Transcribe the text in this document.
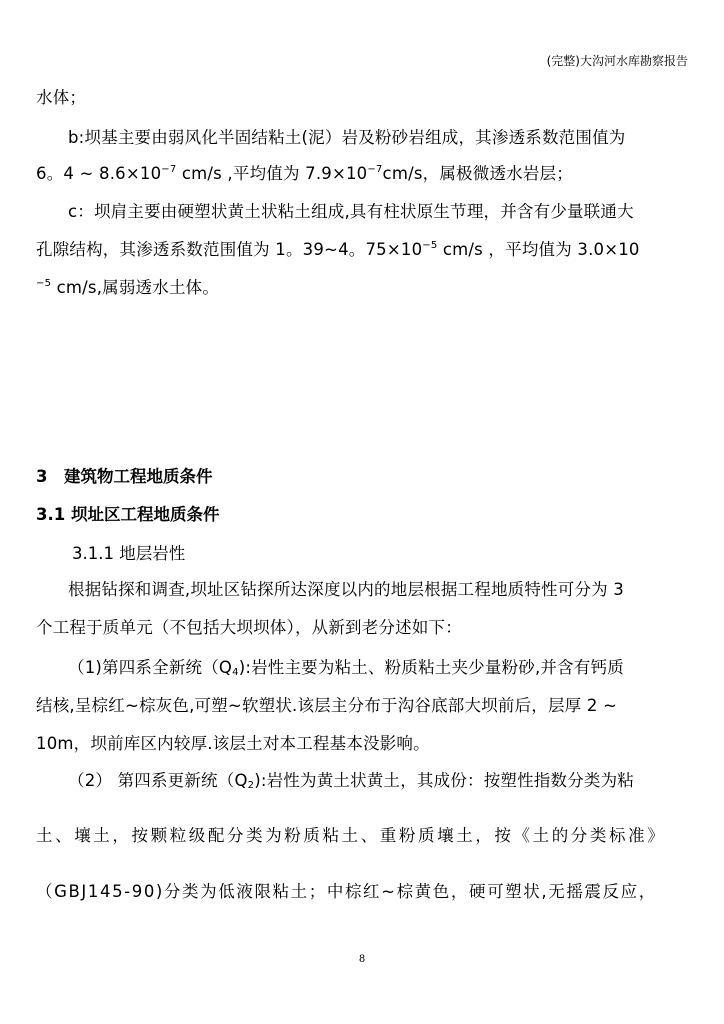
(完整)大沟河水库勘察报告
水体；
b:坝基主要由弱风化半固结粘土(泥）岩及粉砂岩组成，其渗透系数范围值为
6。4 ~ $8.6\times 10^{-7}$ cm/s ,平均值为 $7.9\times 10^{-7}cm/s$，属极微透水岩层；
c：坝肩主要由硬塑状黄土状粘土组成,具有柱状原生节理，并含有少量联通大
孔隙结构，其渗透系数范围值为 1。39~4。$75\times 10^{-5}$ cm/s ，平均值为 3.0×10
$^{-5}$ cm/s,属弱透水土体。
3　建筑物工程地质条件
3.1 坝址区工程地质条件
3.1.1 地层岩性
根据钻探和调查,坝址区钻探所达深度以内的地层根据工程地质特性可分为 3
个工程于质单元（不包括大坝坝体），从新到老分述如下：
（1)第四系全新统$(Q_4)$:岩性主要为粘土、粉质粘土夹少量粉砂,并含有钙质
结核,呈棕红~棕灰色,可塑~软塑状.该层主分布于沟谷底部大坝前后，层厚 2 ~
10m，坝前库区内较厚.该层土对本工程基本没影响。
（2） 第四系更新统$(Q_2)$:岩性为黄土状黄土，其成份：按塑性指数分类为粘
土、壤土，按颗粒级配分类为粉质粘土、重粉质壤土，按《土的分类标准》
（GBJ145-90)分类为低液限粘土；中棕红~棕黄色，硬可塑状,无摇震反应，
8
